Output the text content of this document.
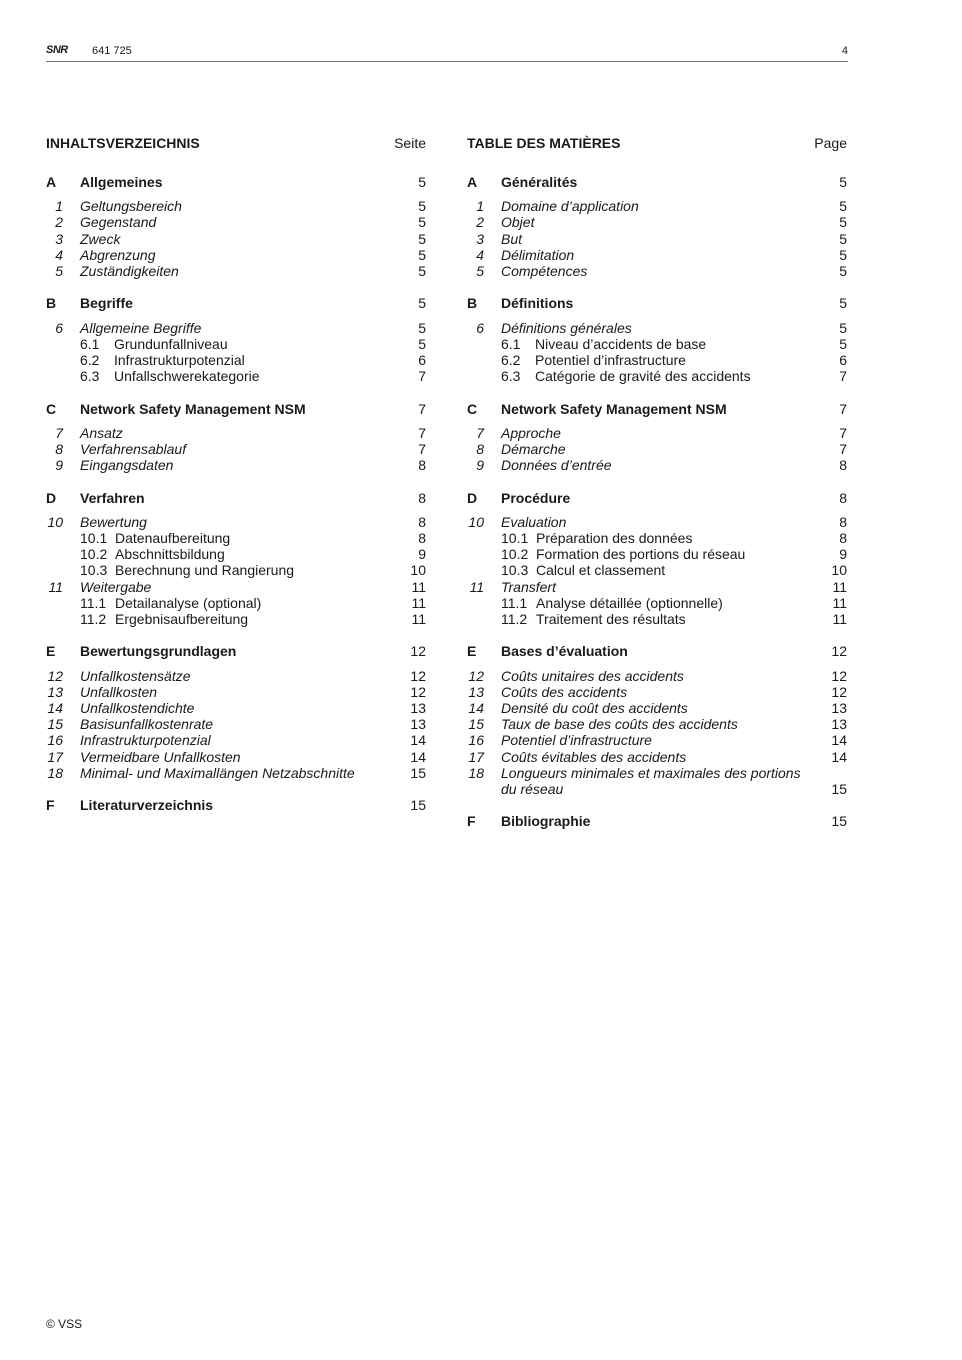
SNR 641 725	4
INHALTSVERZEICHNIS	Seite
A Allgemeines	5
1 Geltungsbereich	5
2 Gegenstand	5
3 Zweck	5
4 Abgrenzung	5
5 Zuständigkeiten	5
B Begriffe	5
6 Allgemeine Begriffe	5
6.1 Grundunfallniveau	5
6.2 Infrastrukturpotenzial	6
6.3 Unfallschwerekategorie	7
C Network Safety Management NSM	7
7 Ansatz	7
8 Verfahrensablauf	7
9 Eingangsdaten	8
D Verfahren	8
10 Bewertung	8
10.1 Datenaufbereitung	8
10.2 Abschnittsbildung	9
10.3 Berechnung und Rangierung	10
11 Weitergabe	11
11.1 Detailanalyse (optional)	11
11.2 Ergebnisaufbereitung	11
E Bewertungsgrundlagen	12
12 Unfallkostensätze	12
13 Unfallkosten	12
14 Unfallkostendichte	13
15 Basisunfallkostenrate	13
16 Infrastrukturpotenzial	14
17 Vermeidbare Unfallkosten	14
18 Minimal- und Maximallängen Netzabschnitte	15
F Literaturverzeichnis	15
TABLE DES MATIÈRES	Page
A Généralités	5
1 Domaine d’application	5
2 Objet	5
3 But	5
4 Délimitation	5
5 Compétences	5
B Définitions	5
6 Définitions générales	5
6.1 Niveau d’accidents de base	5
6.2 Potentiel d’infrastructure	6
6.3 Catégorie de gravité des accidents	7
C Network Safety Management NSM	7
7 Approche	7
8 Démarche	7
9 Données d’entrée	8
D Procédure	8
10 Evaluation	8
10.1 Préparation des données	8
10.2 Formation des portions du réseau	9
10.3 Calcul et classement	10
11 Transfert	11
11.1 Analyse détaillée (optionnelle)	11
11.2 Traitement des résultats	11
E Bases d’évaluation	12
12 Coûts unitaires des accidents	12
13 Coûts des accidents	12
14 Densité du coût des accidents	13
15 Taux de base des coûts des accidents	13
16 Potentiel d’infrastructure	14
17 Coûts évitables des accidents	14
18 Longueurs minimales et maximales des portions du réseau	15
F Bibliographie	15
© VSS
